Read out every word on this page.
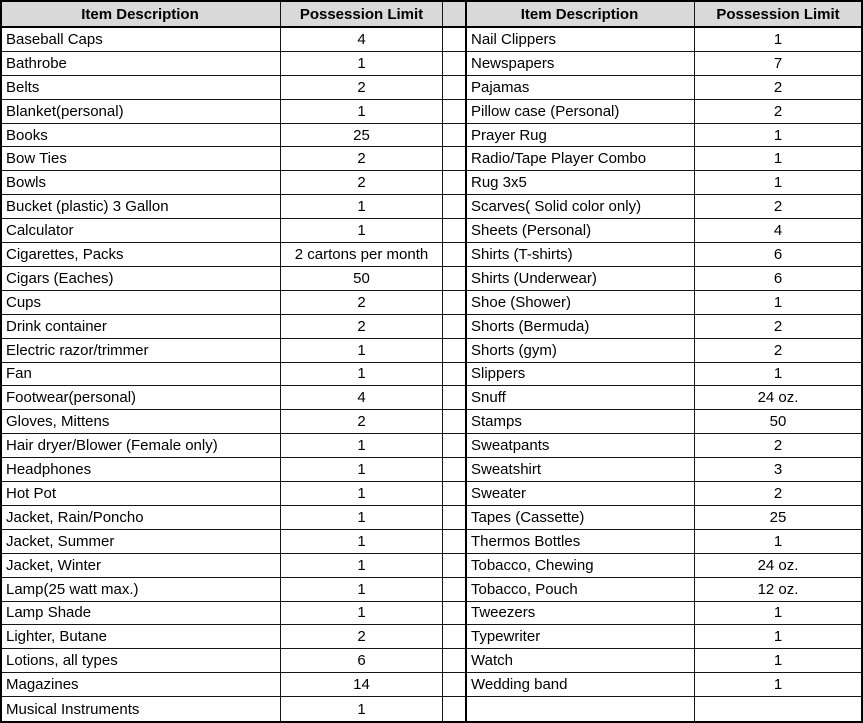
Item Description	Possession Limit	Item Description	Possession Limit
Baseball Caps	4	Nail Clippers	1
Bathrobe	1	Newspapers	7
Belts	2	Pajamas	2
Blanket(personal)	1	Pillow case (Personal)	2
Books	25	Prayer Rug	1
Bow Ties	2	Radio/Tape Player Combo	1
Bowls	2	Rug 3x5	1
Bucket (plastic) 3 Gallon	1	Scarves( Solid color only)	2
Calculator	1	Sheets (Personal)	4
Cigarettes, Packs	2 cartons per month	Shirts (T-shirts)	6
Cigars (Eaches)	50	Shirts (Underwear)	6
Cups	2	Shoe (Shower)	1
Drink container	2	Shorts (Bermuda)	2
Electric razor/trimmer	1	Shorts (gym)	2
Fan	1	Slippers	1
Footwear(personal)	4	Snuff	24 oz.
Gloves, Mittens	2	Stamps	50
Hair dryer/Blower (Female only)	1	Sweatpants	2
Headphones	1	Sweatshirt	3
Hot Pot	1	Sweater	2
Jacket, Rain/Poncho	1	Tapes (Cassette)	25
Jacket, Summer	1	Thermos Bottles	1
Jacket, Winter	1	Tobacco, Chewing	24 oz.
Lamp(25 watt max.)	1	Tobacco, Pouch	12 oz.
Lamp Shade	1	Tweezers	1
Lighter, Butane	2	Typewriter	1
Lotions, all types	6	Watch	1
Magazines	14	Wedding band	1
Musical Instruments	1
